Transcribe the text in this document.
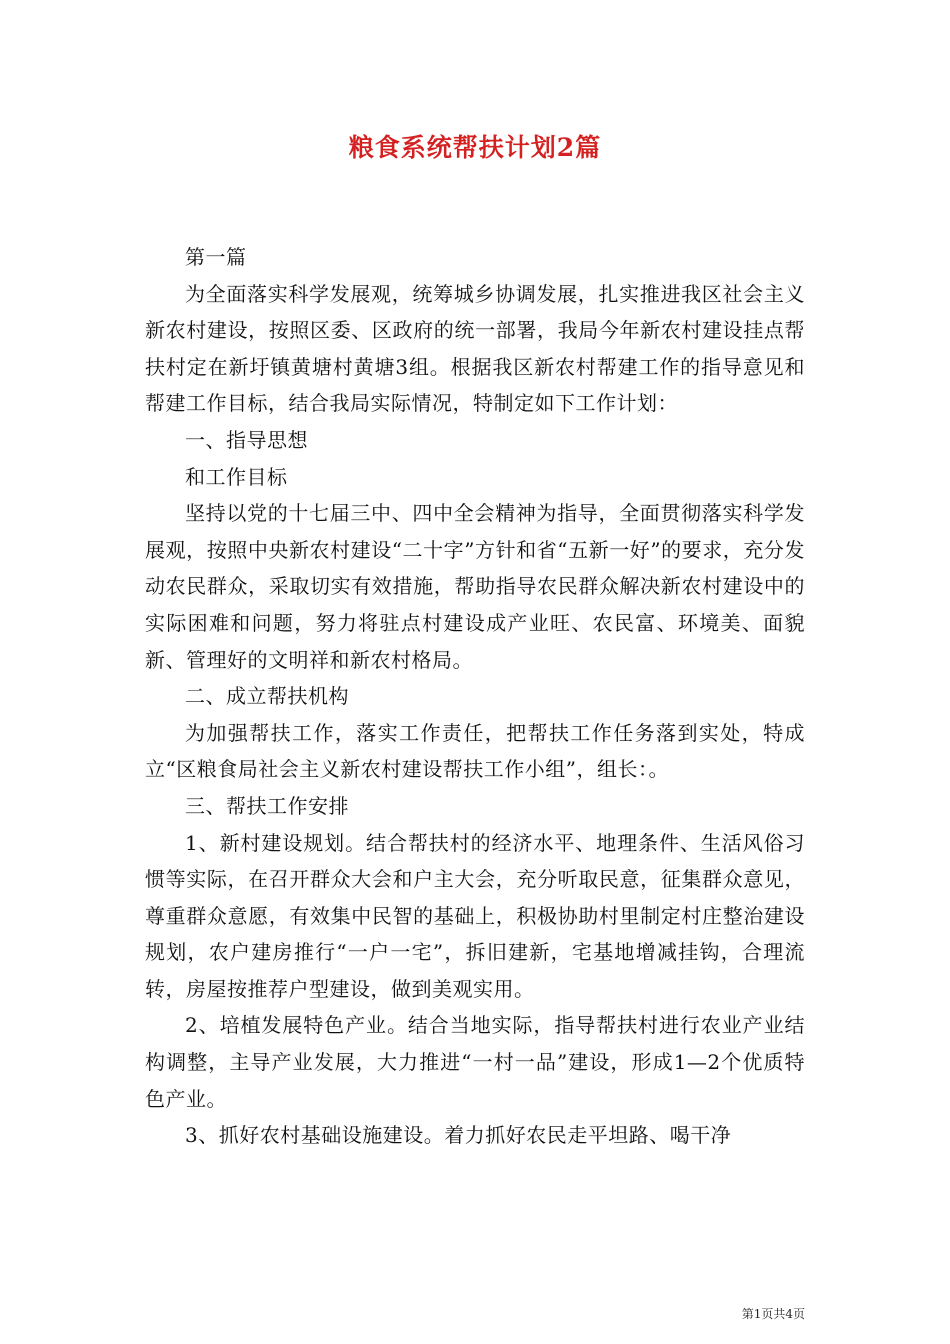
粮食系统帮扶计划2篇

第一篇

为全面落实科学发展观，统筹城乡协调发展，扎实推进我区社会主义新农村建设，按照区委、区政府的统一部署，我局今年新农村建设挂点帮扶村定在新圩镇黄塘村黄塘3组。根据我区新农村帮建工作的指导意见和帮建工作目标，结合我局实际情况，特制定如下工作计划：

一、指导思想

和工作目标

坚持以党的十七届三中、四中全会精神为指导，全面贯彻落实科学发展观，按照中央新农村建设“二十字”方针和省“五新一好”的要求，充分发动农民群众，采取切实有效措施，帮助指导农民群众解决新农村建设中的实际困难和问题，努力将驻点村建设成产业旺、农民富、环境美、面貌新、管理好的文明祥和新农村格局。

二、成立帮扶机构

为加强帮扶工作，落实工作责任，把帮扶工作任务落到实处，特成立“区粮食局社会主义新农村建设帮扶工作小组”，组长：。

三、帮扶工作安排

1、新村建设规划。结合帮扶村的经济水平、地理条件、生活风俗习惯等实际，在召开群众大会和户主大会，充分听取民意，征集群众意见，尊重群众意愿，有效集中民智的基础上，积极协助村里制定村庄整治建设规划，农户建房推行“一户一宅”，拆旧建新，宅基地增减挂钩，合理流转，房屋按推荐户型建设，做到美观实用。

2、培植发展特色产业。结合当地实际，指导帮扶村进行农业产业结构调整，主导产业发展，大力推进“一村一品”建设，形成1—2个优质特色产业。

3、抓好农村基础设施建设。着力抓好农民走平坦路、喝干净

第1页共4页
